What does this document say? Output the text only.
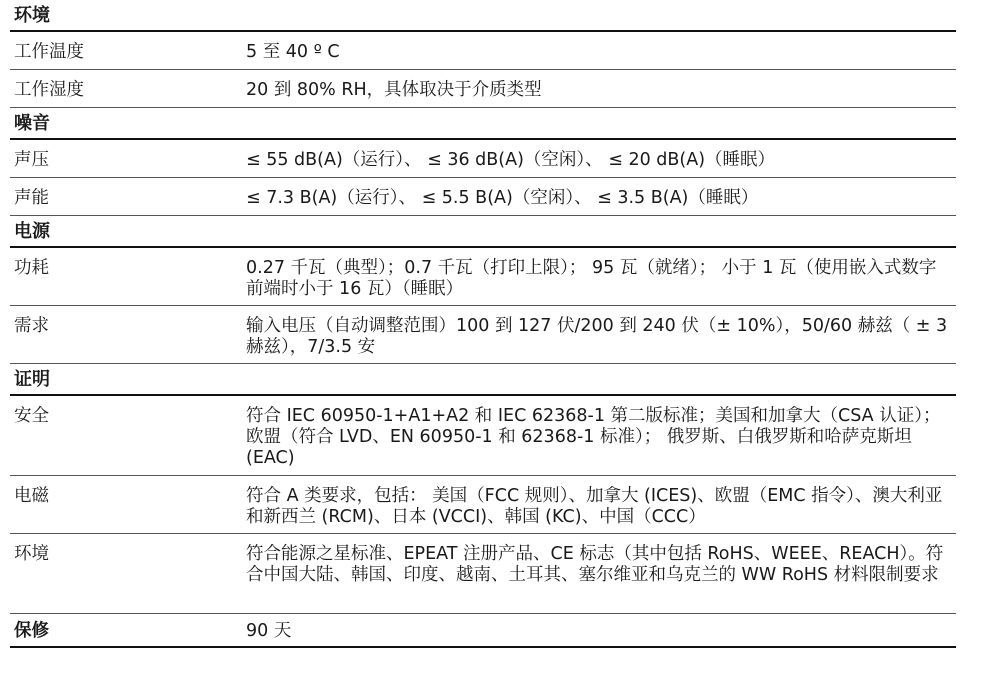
环境
工作温度	5 至 40 º C
工作湿度	20 到 80% RH，具体取决于介质类型
噪音
声压	≤ 55 dB(A)（运行）、 ≤ 36 dB(A)（空闲）、 ≤ 20 dB(A)（睡眠）
声能	≤ 7.3 B(A)（运行）、 ≤ 5.5 B(A)（空闲）、 ≤ 3.5 B(A)（睡眠）
电源
功耗	0.27 千瓦（典型）；0.7 千瓦（打印上限）； 95 瓦（就绪）； 小于 1 瓦（使用嵌入式数字前端时小于 16 瓦）（睡眠）
需求	输入电压（自动调整范围）100 到 127 伏/200 到 240 伏（± 10%），50/60 赫兹（ ± 3 赫兹），7/3.5 安
证明
安全	符合 IEC 60950-1+A1+A2 和 IEC 62368-1 第二版标准；美国和加拿大（CSA 认证）；欧盟（符合 LVD、EN 60950-1 和 62368-1 标准）； 俄罗斯、白俄罗斯和哈萨克斯坦 (EAC)
电磁	符合 A 类要求，包括： 美国（FCC 规则）、加拿大 (ICES)、欧盟（EMC 指令）、澳大利亚和新西兰 (RCM)、日本 (VCCI)、韩国 (KC)、中国（CCC）
环境	符合能源之星标准、EPEAT 注册产品、CE 标志（其中包括 RoHS、WEEE、REACH）。符合中国大陆、韩国、印度、越南、土耳其、塞尔维亚和乌克兰的 WW RoHS 材料限制要求
保修	90 天
